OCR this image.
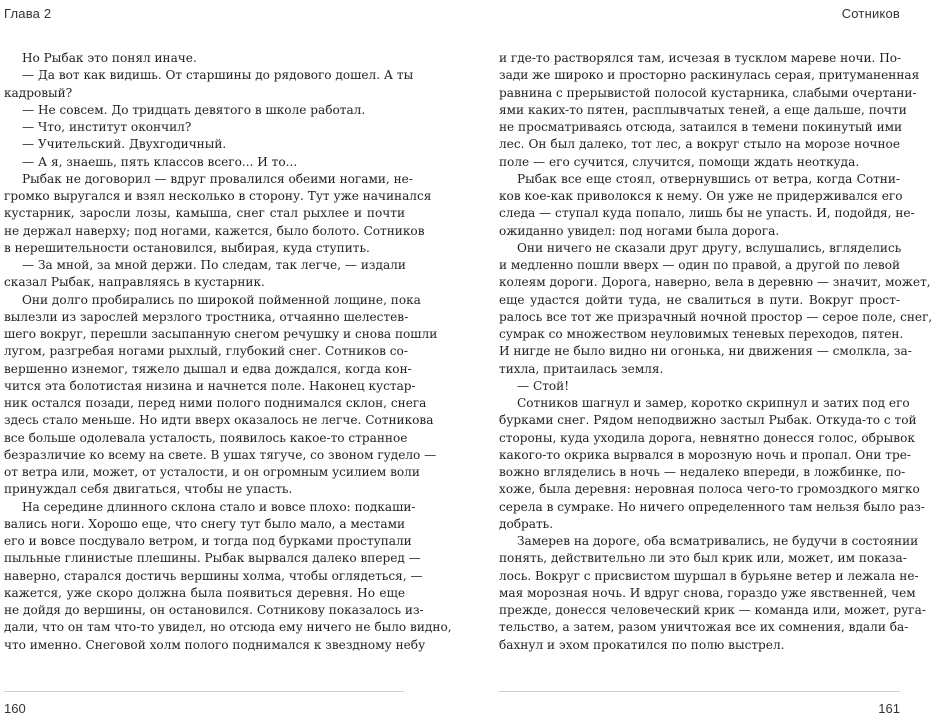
Глава 2	Сотников
Но Рыбак это понял иначе.
— Да вот как видишь. От старшины до рядового дошел. А ты
кадровый?
— Не совсем. До тридцать девятого в школе работал.
— Что, институт окончил?
— Учительский. Двухгодичный.
— А я, знаешь, пять классов всего... И то...
Рыбак не договорил — вдруг провалился обеими ногами, не-
громко выругался и взял несколько в сторону. Тут уже начинался
кустарник, заросли лозы, камыша, снег стал рыхлее и почти
не держал наверху; под ногами, кажется, было болото. Сотников
в нерешительности остановился, выбирая, куда ступить.
— За мной, за мной держи. По следам, так легче, — издали
сказал Рыбак, направляясь в кустарник.
Они долго пробирались по широкой пойменной лощине, пока
вылезли из зарослей мерзлого тростника, отчаянно шелестев-
шего вокруг, перешли засыпанную снегом речушку и снова пошли
лугом, разгребая ногами рыхлый, глубокий снег. Сотников со-
вершенно изнемог, тяжело дышал и едва дождался, когда кон-
чится эта болотистая низина и начнется поле. Наконец кустар-
ник остался позади, перед ними полого поднимался склон, снега
здесь стало меньше. Но идти вверх оказалось не легче. Сотникова
все больше одолевала усталость, появилось какое-то странное
безразличие ко всему на свете. В ушах тягуче, со звоном гудело —
от ветра или, может, от усталости, и он огромным усилием воли
принуждал себя двигаться, чтобы не упасть.
На середине длинного склона стало и вовсе плохо: подкаши-
вались ноги. Хорошо еще, что снегу тут было мало, а местами
его и вовсе посдувало ветром, и тогда под бурками проступали
пыльные глинистые плешины. Рыбак вырвался далеко вперед —
наверно, старался достичь вершины холма, чтобы оглядеться, —
кажется, уже скоро должна была появиться деревня. Но еще
не дойдя до вершины, он остановился. Сотникову показалось из-
дали, что он там что-то увидел, но отсюда ему ничего не было видно,
что именно. Снеговой холм полого поднимался к звездному небу
и где-то растворялся там, исчезая в тусклом мареве ночи. По-
зади же широко и просторно раскинулась серая, притуманенная
равнина с прерывистой полосой кустарника, слабыми очертани-
ями каких-то пятен, расплывчатых теней, а еще дальше, почти
не просматриваясь отсюда, затаился в темени покинутый ими
лес. Он был далеко, тот лес, а вокруг стыло на морозе ночное
поле — его сучится, случится, помощи ждать неоткуда.
Рыбак все еще стоял, отвернувшись от ветра, когда Сотни-
ков кое-как приволокся к нему. Он уже не придерживался его
следа — ступал куда попало, лишь бы не упасть. И, подойдя, не-
ожиданно увидел: под ногами была дорога.
Они ничего не сказали друг другу, вслушались, вгляделись
и медленно пошли вверх — один по правой, а другой по левой
колеям дороги. Дорога, наверно, вела в деревню — значит, может,
еще удастся дойти туда, не свалиться в пути. Вокруг прост-
ралось все тот же призрачный ночной простор — серое поле, снег,
сумрак со множеством неуловимых теневых переходов, пятен.
И нигде не было видно ни огонька, ни движения — смолкла, за-
тихла, притаилась земля.
— Стой!
Сотников шагнул и замер, коротко скрипнул и затих под его
бурками снег. Рядом неподвижно застыл Рыбак. Откуда-то с той
стороны, куда уходила дорога, невнятно донесся голос, обрывок
какого-то окрика вырвался в морозную ночь и пропал. Они тре-
вожно вгляделись в ночь — недалеко впереди, в ложбинке, по-
хоже, была деревня: неровная полоса чего-то громоздкого мягко
серела в сумраке. Но ничего определенного там нельзя было раз-
добрать.
Замерев на дороге, оба всматривались, не будучи в состоянии
понять, действительно ли это был крик или, может, им показа-
лось. Вокруг с присвистом шуршал в бурьяне ветер и лежала не-
мая морозная ночь. И вдруг снова, гораздо уже явственней, чем
прежде, донесся человеческий крик — команда или, может, руга-
тельство, а затем, разом уничтожая все их сомнения, вдали ба-
бахнул и эхом прокатился по полю выстрел.
160	161
